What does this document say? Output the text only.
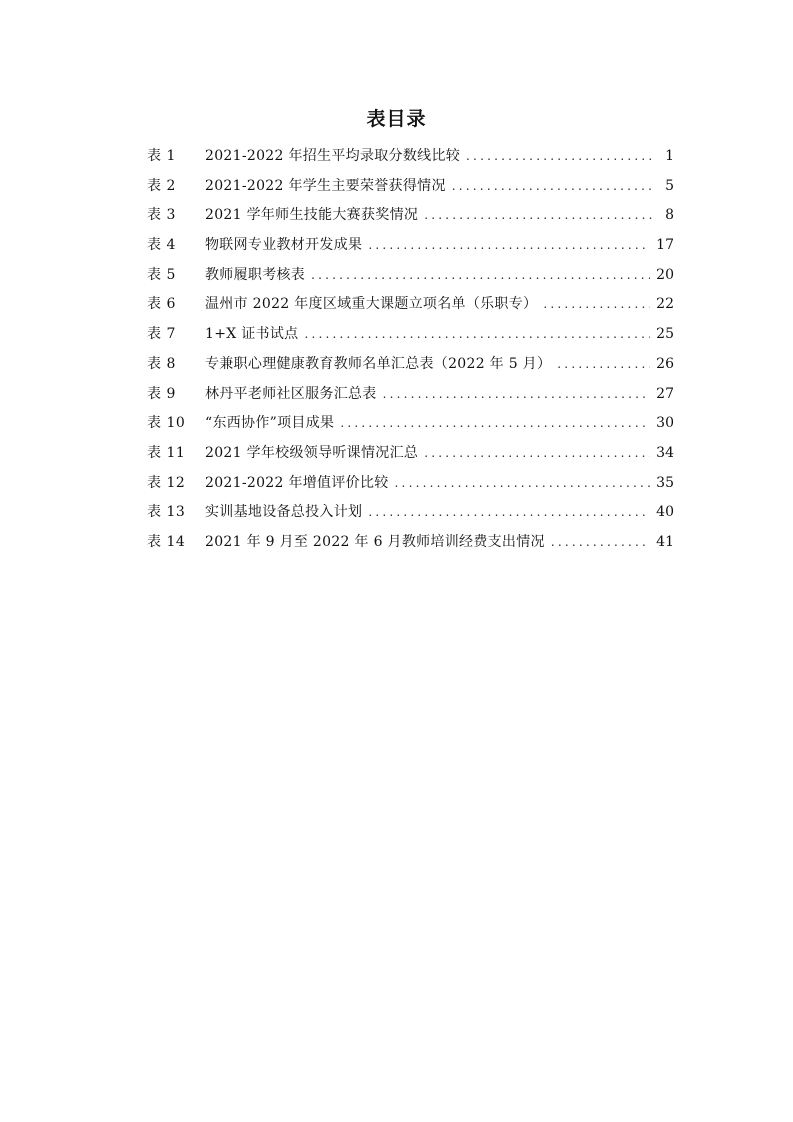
表目录
表 1	2021-2022 年招生平均录取分数线比较 .....	1
表 2	2021-2022 年学生主要荣誉获得情况 .....	5
表 3	2021 学年师生技能大赛获奖情况 .....	8
表 4	物联网专业教材开发成果 .....	17
表 5	教师履职考核表 .....	20
表 6	温州市 2022 年度区域重大课题立项名单（乐职专） .....	22
表 7	1+X 证书试点 .....	25
表 8	专兼职心理健康教育教师名单汇总表（2022 年 5 月） .....	26
表 9	林丹平老师社区服务汇总表 .....	27
表 10	“东西协作”项目成果 .....	30
表 11	2021 学年校级领导听课情况汇总 .....	34
表 12	2021-2022 年增值评价比较 .....	35
表 13	实训基地设备总投入计划 .....	40
表 14	2021 年 9 月至 2022 年 6 月教师培训经费支出情况 .....	41
